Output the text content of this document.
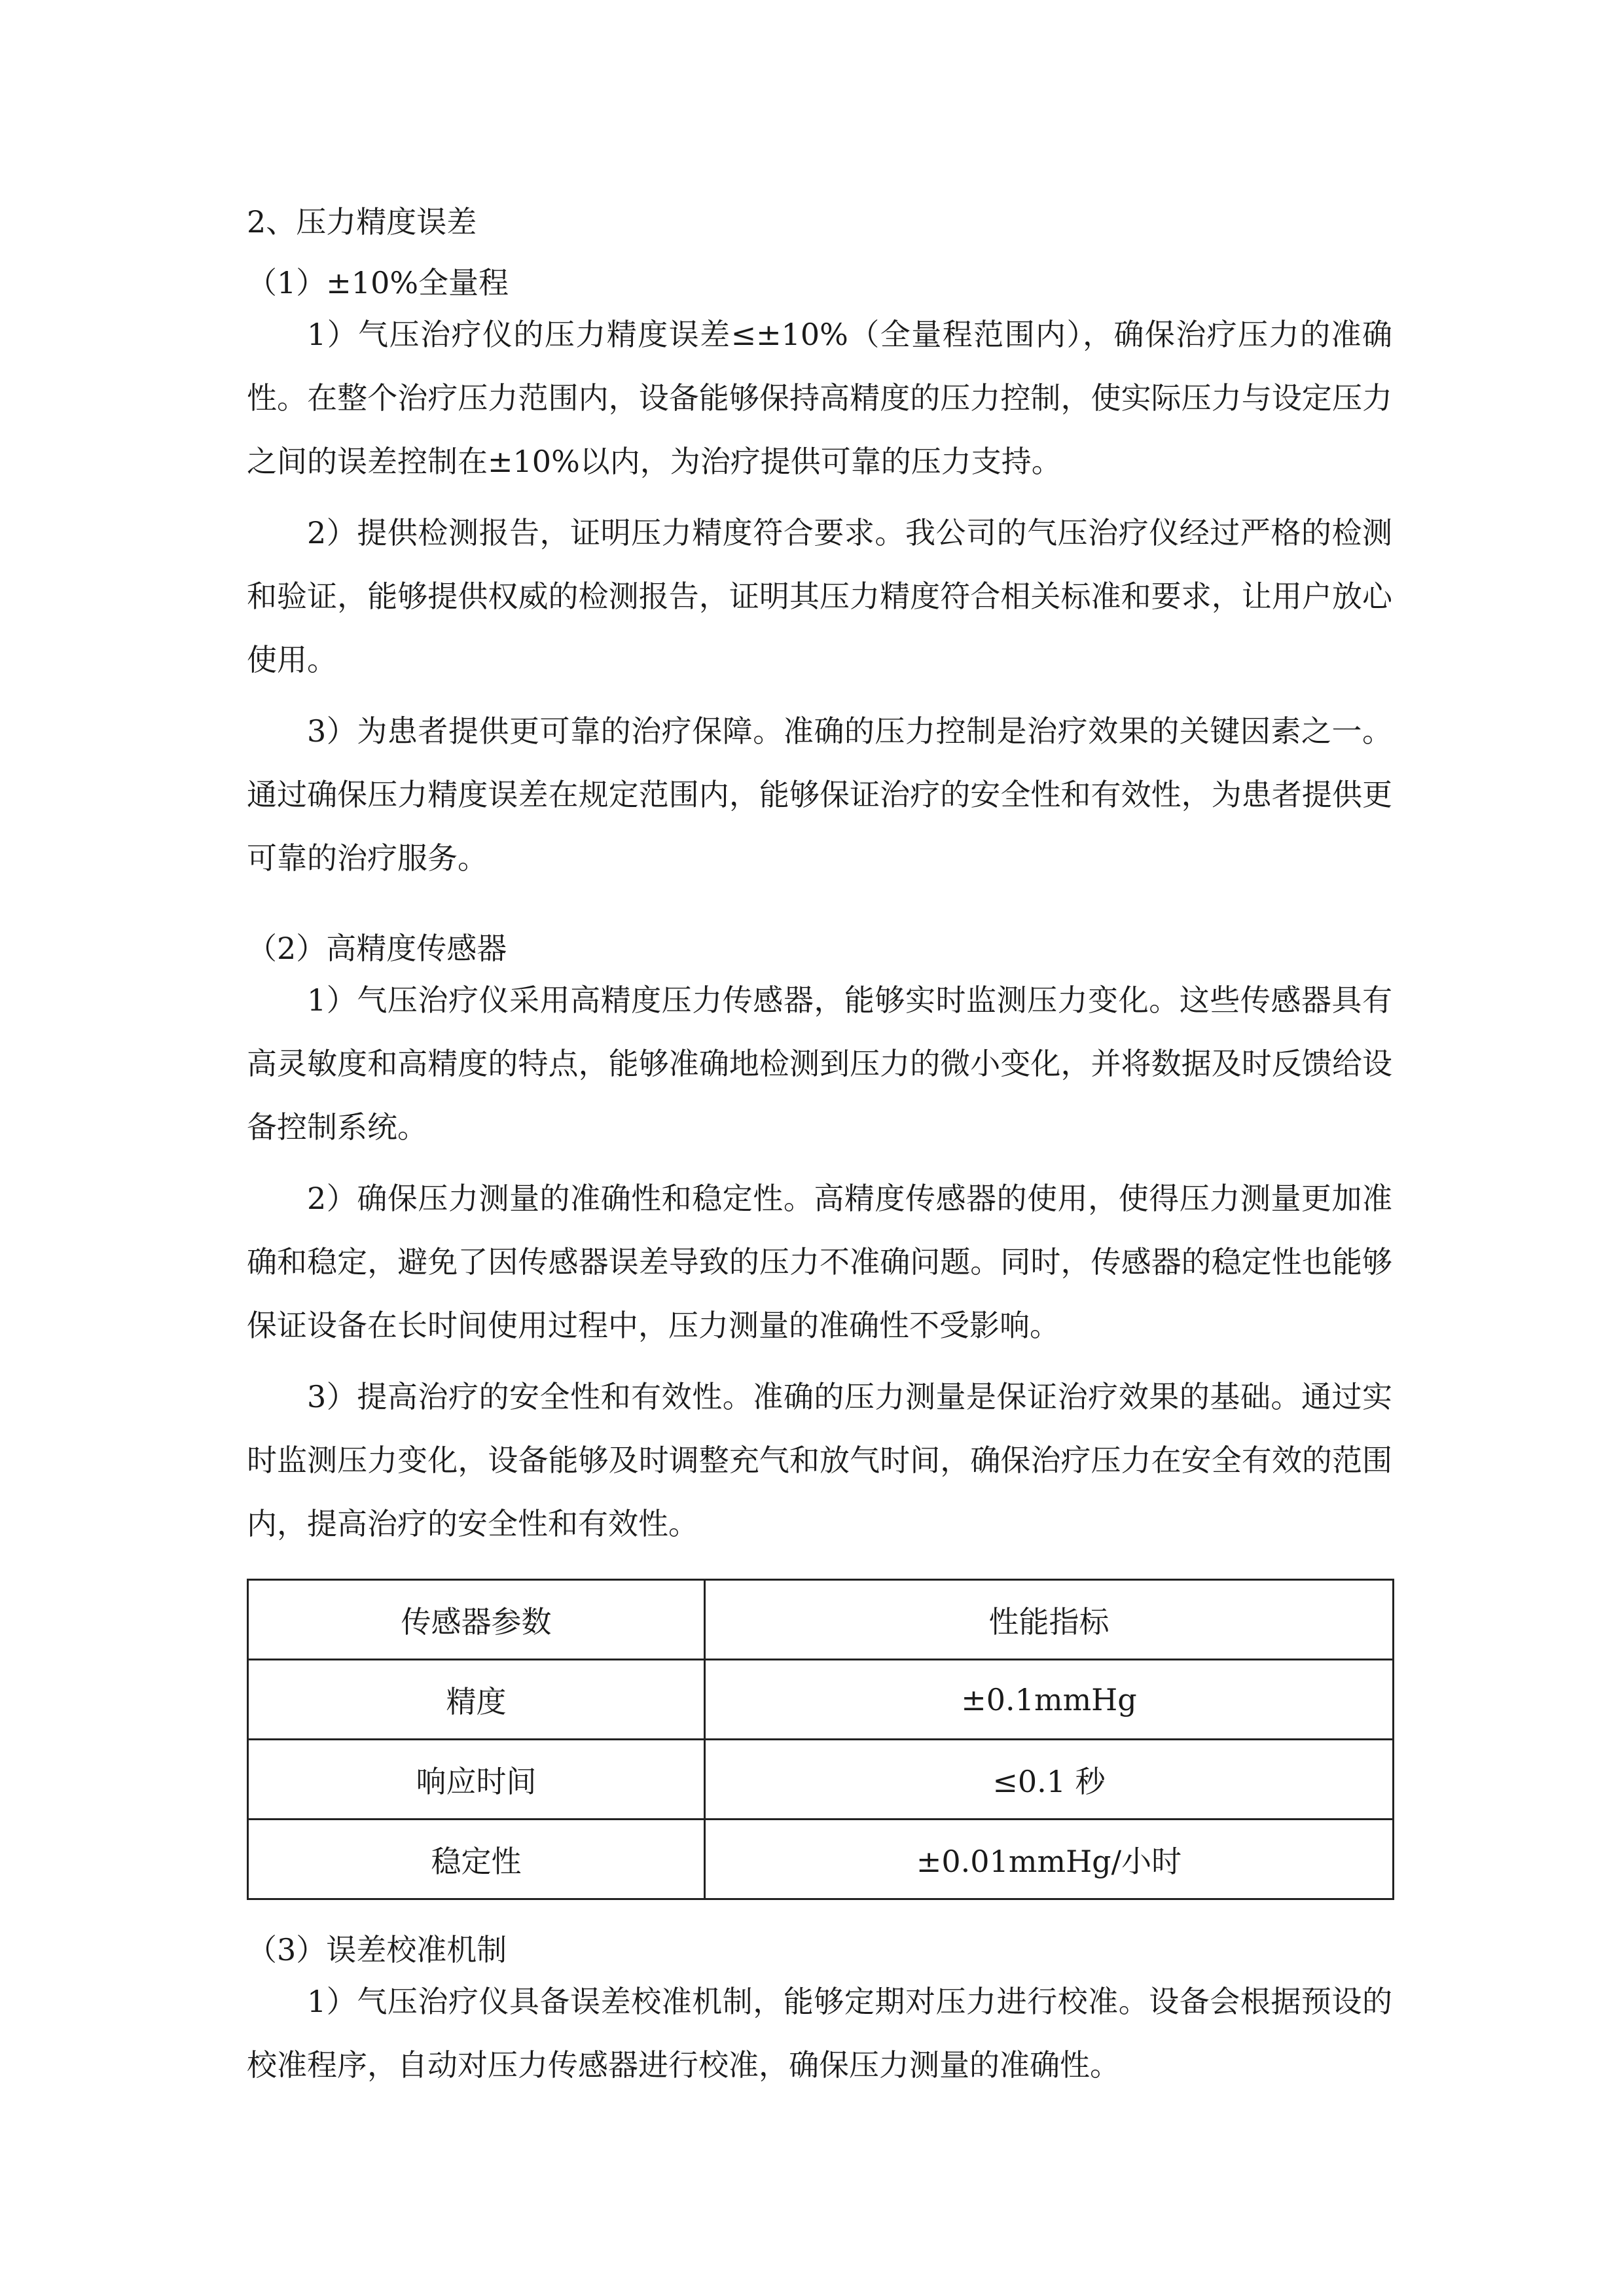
2、压力精度误差
（1）±10%全量程
1）气压治疗仪的压力精度误差≤±10%（全量程范围内），确保治疗压力的准确性。在整个治疗压力范围内，设备能够保持高精度的压力控制，使实际压力与设定压力之间的误差控制在±10%以内，为治疗提供可靠的压力支持。
2）提供检测报告，证明压力精度符合要求。我公司的气压治疗仪经过严格的检测和验证，能够提供权威的检测报告，证明其压力精度符合相关标准和要求，让用户放心使用。
3）为患者提供更可靠的治疗保障。准确的压力控制是治疗效果的关键因素之一。通过确保压力精度误差在规定范围内，能够保证治疗的安全性和有效性，为患者提供更可靠的治疗服务。
（2）高精度传感器
1）气压治疗仪采用高精度压力传感器，能够实时监测压力变化。这些传感器具有高灵敏度和高精度的特点，能够准确地检测到压力的微小变化，并将数据及时反馈给设备控制系统。
2）确保压力测量的准确性和稳定性。高精度传感器的使用，使得压力测量更加准确和稳定，避免了因传感器误差导致的压力不准确问题。同时，传感器的稳定性也能够保证设备在长时间使用过程中，压力测量的准确性不受影响。
3）提高治疗的安全性和有效性。准确的压力测量是保证治疗效果的基础。通过实时监测压力变化，设备能够及时调整充气和放气时间，确保治疗压力在安全有效的范围内，提高治疗的安全性和有效性。
传感器参数	性能指标
精度	±0.1mmHg
响应时间	≤0.1 秒
稳定性	±0.01mmHg/小时
（3）误差校准机制
1）气压治疗仪具备误差校准机制，能够定期对压力进行校准。设备会根据预设的校准程序，自动对压力传感器进行校准，确保压力测量的准确性。
